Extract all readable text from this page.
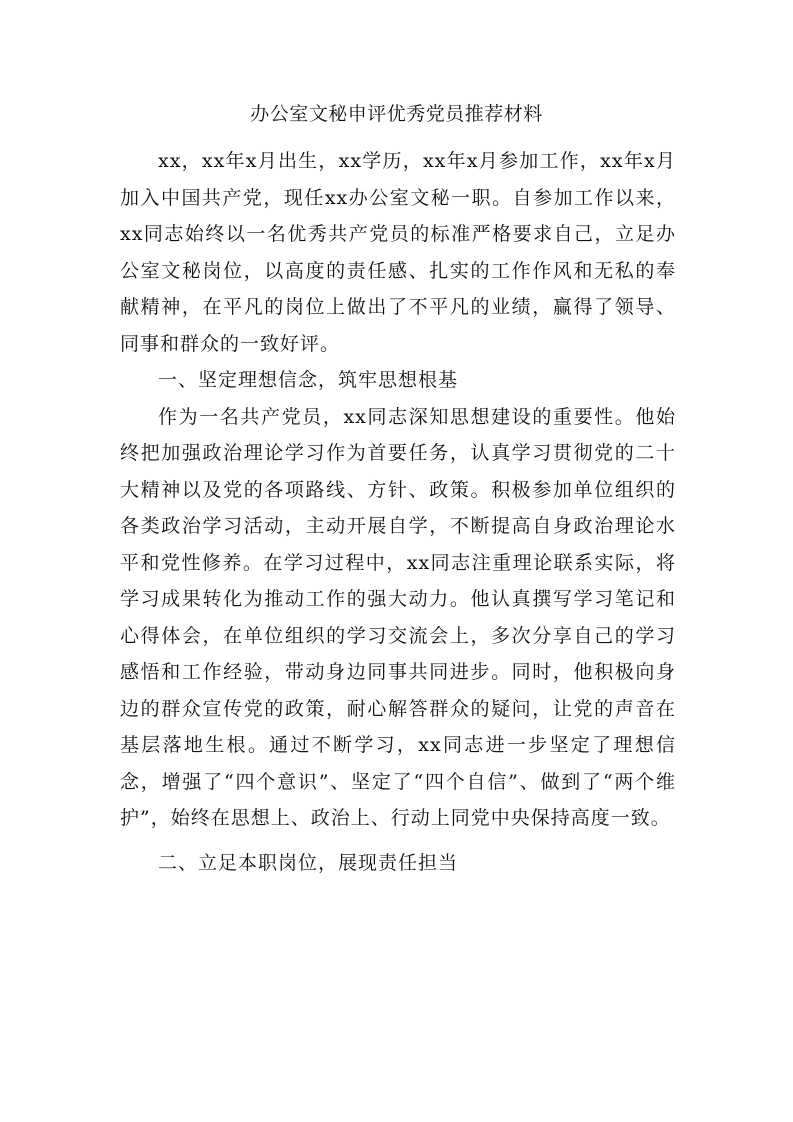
办公室文秘申评优秀党员推荐材料

xx，xx年x月出生，xx学历，xx年x月参加工作，xx年x月加入中国共产党，现任xx办公室文秘一职。自参加工作以来，xx同志始终以一名优秀共产党员的标准严格要求自己，立足办公室文秘岗位，以高度的责任感、扎实的工作作风和无私的奉献精神，在平凡的岗位上做出了不平凡的业绩，赢得了领导、同事和群众的一致好评。

一、坚定理想信念，筑牢思想根基

作为一名共产党员，xx同志深知思想建设的重要性。他始终把加强政治理论学习作为首要任务，认真学习贯彻党的二十大精神以及党的各项路线、方针、政策。积极参加单位组织的各类政治学习活动，主动开展自学，不断提高自身政治理论水平和党性修养。在学习过程中，xx同志注重理论联系实际，将学习成果转化为推动工作的强大动力。他认真撰写学习笔记和心得体会，在单位组织的学习交流会上，多次分享自己的学习感悟和工作经验，带动身边同事共同进步。同时，他积极向身边的群众宣传党的政策，耐心解答群众的疑问，让党的声音在基层落地生根。通过不断学习，xx同志进一步坚定了理想信念，增强了“四个意识”、坚定了“四个自信”、做到了“两个维护”，始终在思想上、政治上、行动上同党中央保持高度一致。

二、立足本职岗位，展现责任担当
